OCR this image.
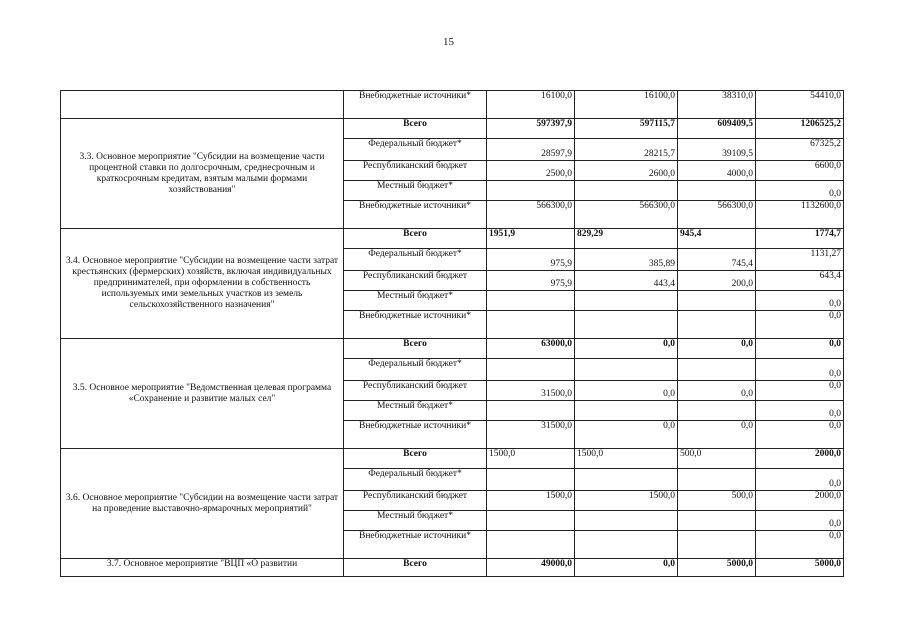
15
	Внебюджетные источники*	16100,0	16100,0	38310,0	54410,0
3.3. Основное мероприятие "Субсидии на возмещение части процентной ставки по долгосрочным, среднесрочным и краткосрочным кредитам, взятым малыми формами хозяйствования"	Всего	597397,9	597115,7	609409,5	1206525,2
	Федеральный бюджет*	28597,9	28215,7	39109,5	67325,2
	Республиканский бюджет	2500,0	2600,0	4000,0	6600,0
	Местный бюджет*				0,0
	Внебюджетные источники*	566300,0	566300,0	566300,0	1132600,0
3.4. Основное мероприятие "Субсидии на возмещение части затрат крестьянских (фермерских) хозяйств, включая индивидуальных предпринимателей, при оформлении в собственность используемых ими земельных участков из земель сельскохозяйственного назначения"	Всего	1951,9	829,29	945,4	1774,7
	Федеральный бюджет*	975,9	385,89	745,4	1131,27
	Республиканский бюджет	975,9	443,4	200,0	643,4
	Местный бюджет*				0,0
	Внебюджетные источники*				0,0
3.5. Основное мероприятие "Ведомственная целевая программа «Сохранение и развитие малых сел"	Всего	63000,0	0,0	0,0	0,0
	Федеральный бюджет*				0,0
	Республиканский бюджет	31500,0	0,0	0,0	0,0
	Местный бюджет*				0,0
	Внебюджетные источники*	31500,0	0,0	0,0	0,0
3.6. Основное мероприятие "Субсидии на возмещение части затрат на проведение выставочно-ярмарочных мероприятий"	Всего	1500,0	1500,0	500,0	2000,0
	Федеральный бюджет*				0,0
	Республиканский бюджет	1500,0	1500,0	500,0	2000,0
	Местный бюджет*				0,0
	Внебюджетные источники*				0,0
3.7. Основное мероприятие "ВЦП «О развитии	Всего	49000,0	0,0	5000,0	5000,0
